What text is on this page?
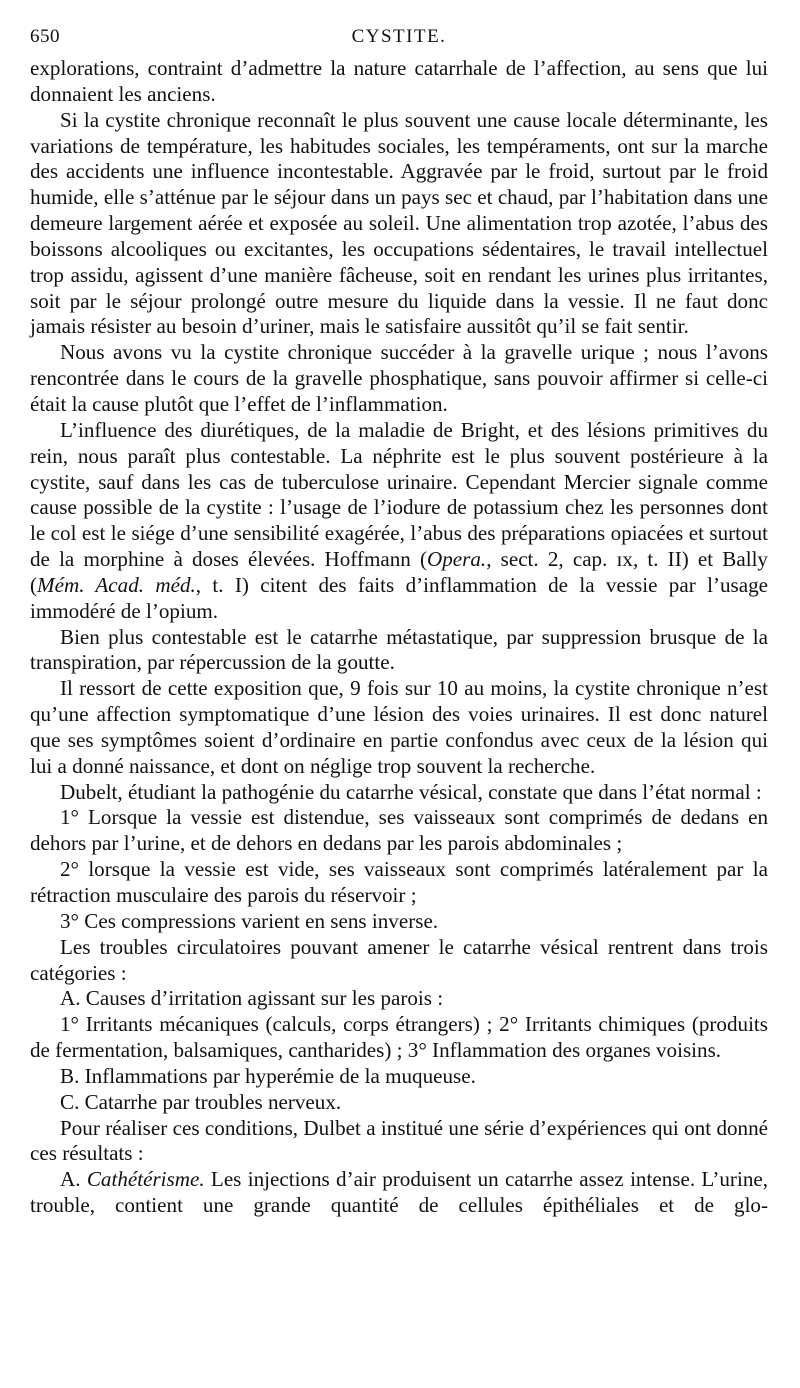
650	CYSTITE.

explorations, contraint d’admettre la nature catarrhale de l’affection, au sens que lui donnaient les anciens.

Si la cystite chronique reconnaît le plus souvent une cause locale déterminante, les variations de température, les habitudes sociales, les tempéraments, ont sur la marche des accidents une influence incontestable. Aggravée par le froid, surtout par le froid humide, elle s’atténue par le séjour dans un pays sec et chaud, par l’habitation dans une demeure largement aérée et exposée au soleil. Une alimentation trop azotée, l’abus des boissons alcooliques ou excitantes, les occupations sédentaires, le travail intellectuel trop assidu, agissent d’une manière fâcheuse, soit en rendant les urines plus irritantes, soit par le séjour prolongé outre mesure du liquide dans la vessie. Il ne faut donc jamais résister au besoin d’uriner, mais le satisfaire aussitôt qu’il se fait sentir.

Nous avons vu la cystite chronique succéder à la gravelle urique ; nous l’avons rencontrée dans le cours de la gravelle phosphatique, sans pouvoir affirmer si celle-ci était la cause plutôt que l’effet de l’inflammation.

L’influence des diurétiques, de la maladie de Bright, et des lésions primitives du rein, nous paraît plus contestable. La néphrite est le plus souvent postérieure à la cystite, sauf dans les cas de tuberculose urinaire. Cependant Mercier signale comme cause possible de la cystite : l’usage de l’iodure de potassium chez les personnes dont le col est le siége d’une sensibilité exagérée, l’abus des préparations opiacées et surtout de la morphine à doses élevées. Hoffmann (Opera., sect. 2, cap. ɪx, t. II) et Bally (Mém. Acad. méd., t. I) citent des faits d’inflammation de la vessie par l’usage immodéré de l’opium.

Bien plus contestable est le catarrhe métastatique, par suppression brusque de la transpiration, par répercussion de la goutte.

Il ressort de cette exposition que, 9 fois sur 10 au moins, la cystite chronique n’est qu’une affection symptomatique d’une lésion des voies urinaires. Il est donc naturel que ses symptômes soient d’ordinaire en partie confondus avec ceux de la lésion qui lui a donné naissance, et dont on néglige trop souvent la recherche.

Dubelt, étudiant la pathogénie du catarrhe vésical, constate que dans l’état normal :

1° Lorsque la vessie est distendue, ses vaisseaux sont comprimés de dedans en dehors par l’urine, et de dehors en dedans par les parois abdominales ;

2° lorsque la vessie est vide, ses vaisseaux sont comprimés latéralement par la rétraction musculaire des parois du réservoir ;

3° Ces compressions varient en sens inverse.

Les troubles circulatoires pouvant amener le catarrhe vésical rentrent dans trois catégories :

A. Causes d’irritation agissant sur les parois :

1° Irritants mécaniques (calculs, corps étrangers) ; 2° Irritants chimiques (produits de fermentation, balsamiques, cantharides) ; 3° Inflammation des organes voisins.

B. Inflammations par hyperémie de la muqueuse.

C. Catarrhe par troubles nerveux.

Pour réaliser ces conditions, Dulbet a institué une série d’expériences qui ont donné ces résultats :

A. Cathétérisme. Les injections d’air produisent un catarrhe assez intense. L’urine, trouble, contient une grande quantité de cellules épithéliales et de glo-
